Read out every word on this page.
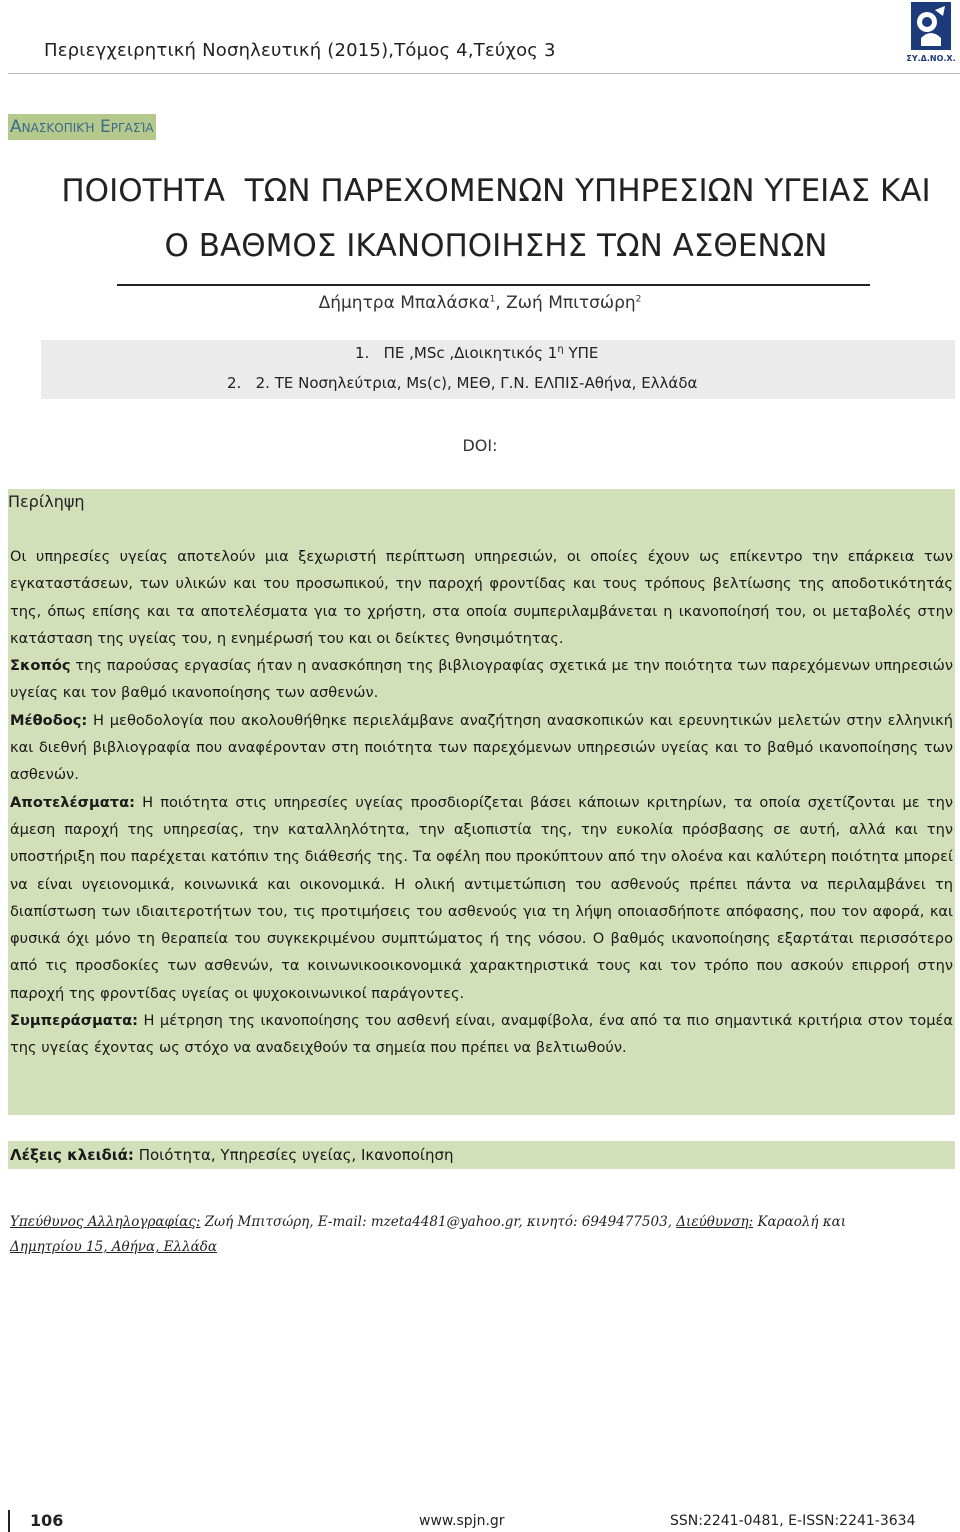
Περιεγχειρητική Νοσηλευτική (2015),Τόμος 4,Τεύχος 3	ΣΥ.Δ.ΝΟ.Χ.
Ανασκοπική Εργασία
ΠΟΙΟΤΗΤΑ  ΤΩΝ ΠΑΡΕΧΟΜΕΝΩΝ ΥΠΗΡΕΣΙΩΝ ΥΓΕΙΑΣ ΚΑΙ
Ο ΒΑΘΜΟΣ ΙΚΑΝΟΠΟΙΗΣΗΣ ΤΩΝ ΑΣΘΕΝΩΝ
Δήμητρα Μπαλάσκα$^1$, Ζωή Μπιτσώρη$^2$
1.   ΠΕ ,MSc ,Διοικητικός $1^\eta$ ΥΠΕ
2.   2. ΤΕ Νοσηλεύτρια, Ms(c), ΜΕΘ, Γ.Ν. ΕΛΠΙΣ-Αθήνα, Ελλάδα
DOI:
Περίληψη

Οι υπηρεσίες υγείας αποτελούν μια ξεχωριστή περίπτωση υπηρεσιών, οι οποίες έχουν ως επίκεντρο την επάρκεια των εγκαταστάσεων, των υλικών και του προσωπικού, την παροχή φροντίδας και τους τρόπους βελτίωσης της αποδοτικότητάς της, όπως επίσης και τα αποτελέσματα για το χρήστη, στα οποία συμπεριλαμβάνεται η ικανοποίησή του, οι μεταβολές στην κατάσταση της υγείας του, η ενημέρωσή του και οι δείκτες θνησιμότητας.

Σκοπός της παρούσας εργασίας ήταν η ανασκόπηση της βιβλιογραφίας σχετικά με την ποιότητα των παρεχόμενων υπηρεσιών υγείας και τον βαθμό ικανοποίησης των ασθενών.

Μέθοδος: Η μεθοδολογία που ακολουθήθηκε περιελάμβανε αναζήτηση ανασκοπικών και ερευνητικών μελετών στην ελληνική και διεθνή βιβλιογραφία που αναφέρονταν στη ποιότητα των παρεχόμενων υπηρεσιών υγείας και το βαθμό ικανοποίησης των ασθενών.

Αποτελέσματα: Η ποιότητα στις υπηρεσίες υγείας προσδιορίζεται βάσει κάποιων κριτηρίων, τα οποία σχετίζονται με την άμεση παροχή της υπηρεσίας, την καταλληλότητα, την αξιοπιστία της, την ευκολία πρόσβασης σε αυτή, αλλά και την υποστήριξη που παρέχεται κατόπιν της διάθεσής της. Τα οφέλη που προκύπτουν από την ολοένα και καλύτερη ποιότητα μπορεί να είναι υγειονομικά, κοινωνικά και οικονομικά. Η ολική αντιμετώπιση του ασθενούς πρέπει πάντα να περιλαμβάνει τη διαπίστωση των ιδιαιτεροτήτων του, τις προτιμήσεις του ασθενούς για τη λήψη οποιασδήποτε απόφασης, που τον αφορά, και φυσικά όχι μόνο τη θεραπεία του συγκεκριμένου συμπτώματος ή της νόσου. Ο βαθμός ικανοποίησης εξαρτάται περισσότερο από τις προσδοκίες των ασθενών, τα κοινωνικοοικονομικά χαρακτηριστικά τους και τον τρόπο που ασκούν επιρροή στην παροχή της φροντίδας υγείας οι ψυχοκοινωνικοί παράγοντες.

Συμπεράσματα: Η μέτρηση της ικανοποίησης του ασθενή είναι, αναμφίβολα, ένα από τα πιο σημαντικά κριτήρια στον τομέα της υγείας έχοντας ως στόχο να αναδειχθούν τα σημεία που πρέπει να βελτιωθούν.

Λέξεις κλειδιά: Ποιότητα, Υπηρεσίες υγείας, Ικανοποίηση
Υπεύθυνος Αλληλογραφίας: Ζωή Μπιτσώρη, E-mail: mzeta4481@yahoo.gr, κινητό: 6949477503, Διεύθυνση: Καραολή και
Δημητρίου 15, Αθήνα, Ελλάδα
106	www.spjn.gr	SSN:2241-0481, E-ISSN:2241-3634
